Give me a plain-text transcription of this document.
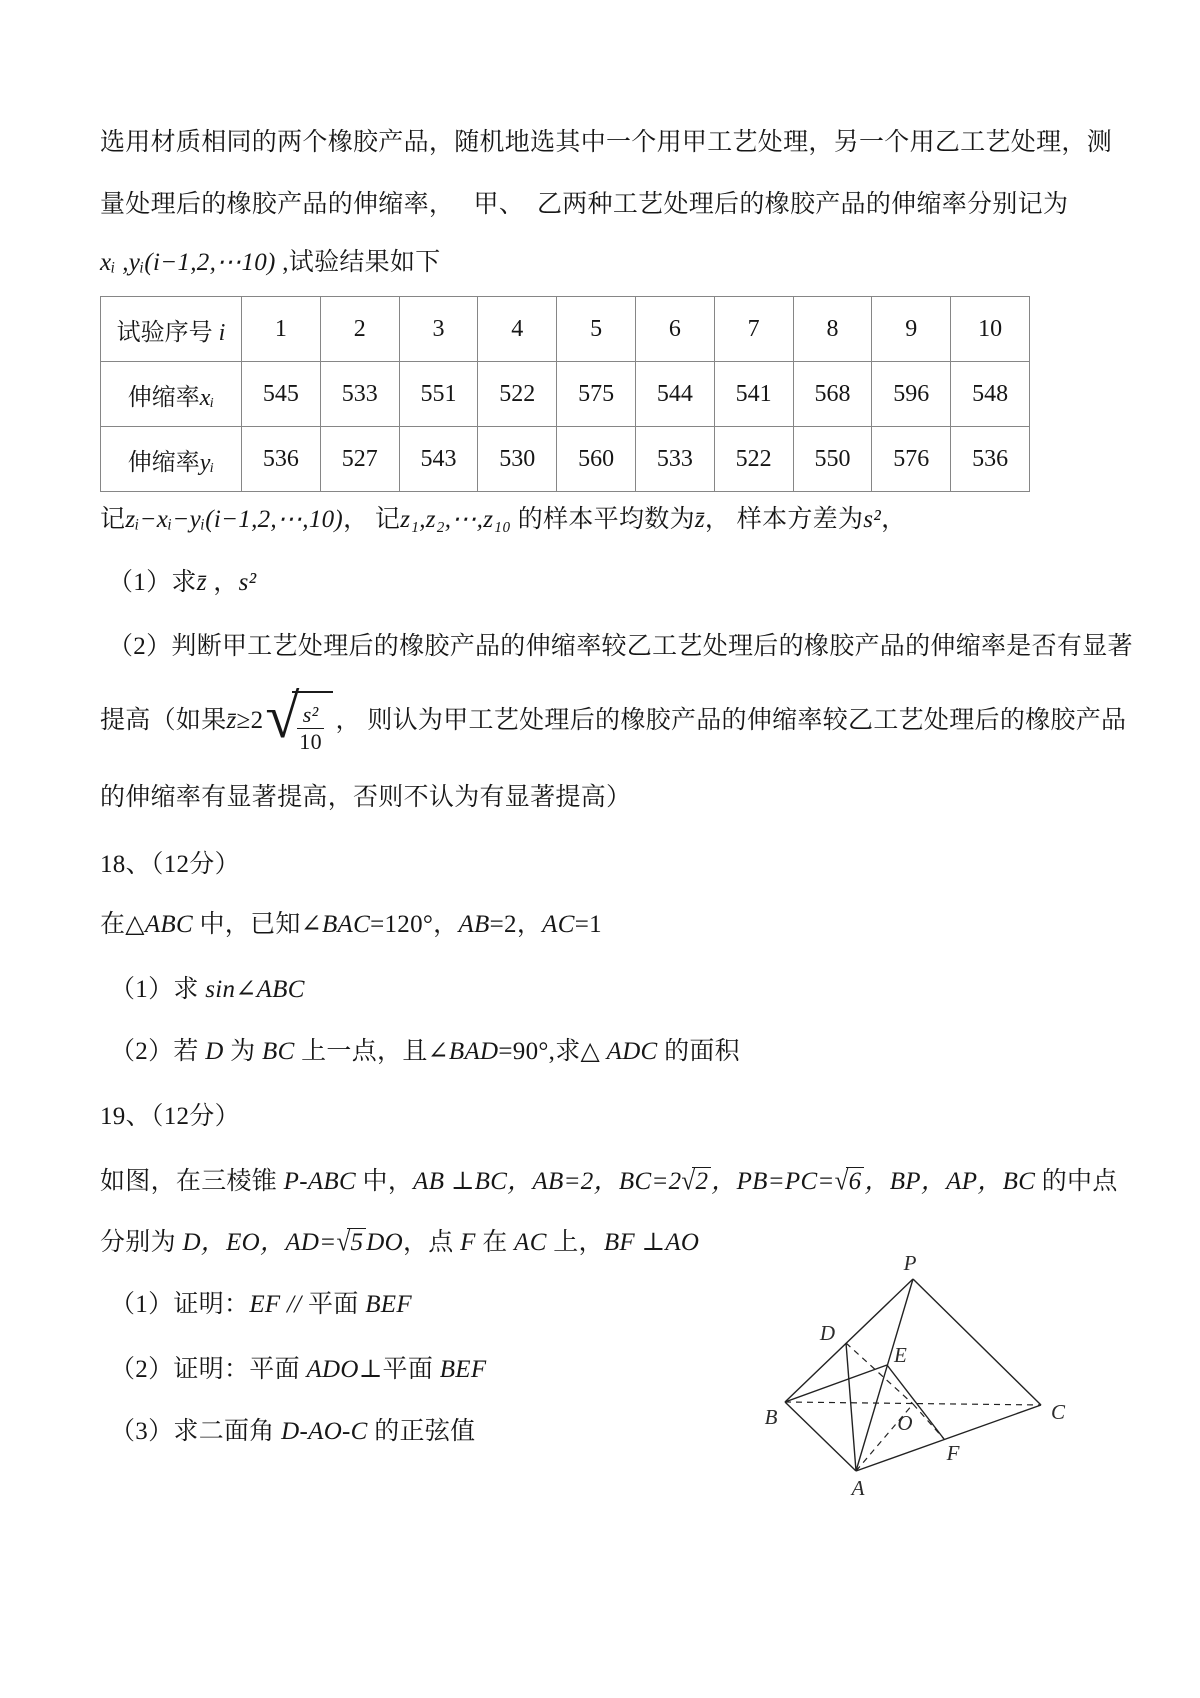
选用材质相同的两个橡胶产品，随机地选其中一个用甲工艺处理，另一个用乙工艺处理，测
量处理后的橡胶产品的伸缩率，　 甲、　乙两种工艺处理后的橡胶产品的伸缩率分别记为
xᵢ ,yᵢ(i−1,2,⋯10) ,试验结果如下
试验序号 i	1	2	3	4	5	6	7	8	9	10
伸缩率xᵢ	545	533	551	522	575	544	541	568	596	548
伸缩率yᵢ	536	527	543	530	560	533	522	550	576	536
记zᵢ−xᵢ−yᵢ(i−1,2,⋯,10)， 记z₁,z₂,⋯,z₁₀ 的样本平均数为z̄， 样本方差为s²，
（1）求z̄ ，s²
（2）判断甲工艺处理后的橡胶产品的伸缩率较乙工艺处理后的橡胶产品的伸缩率是否有显著
提高（如果 z̄ ≥2 √
$\frac{\text{s²}}{10}$ ， 则认为甲工艺处理后的橡胶产品的伸缩率较乙工艺处理后的橡胶产品
的伸缩率有显著提高，否则不认为有显著提高）
18、（12分）
在△ABC 中，已知∠BAC=120°，AB=2，AC=1
（1）求 sin∠ABC
（2）若 D 为 BC 上一点，且∠BAD=90°,求△ ADC 的面积
19、（12分）
如图，在三棱锥 P-ABC 中，AB ⊥BC，AB=2，BC=2√2 ，PB=PC=√6 ，BP，AP，BC 的中点
分别为 D，EO，AD=√5 DO，点 F 在 AC 上，BF ⊥AO
（1）证明：EF // 平面 BEF
（2）证明：平面 ADO⊥平面 BEF
（3）求二面角 D-AO-C 的正弦值
P
D
E
B	C
O
F
A
